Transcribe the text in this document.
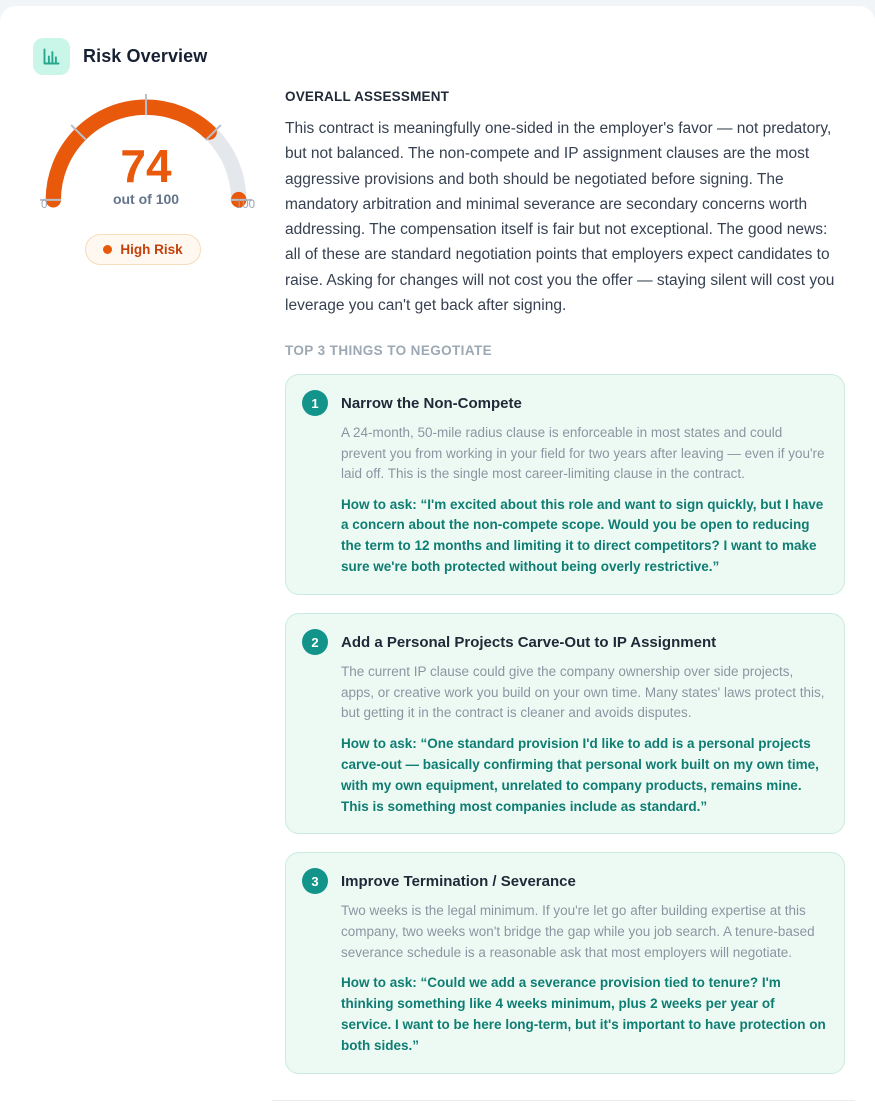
Risk Overview
74
out of 100
0	100
High Risk
OVERALL ASSESSMENT
This contract is meaningfully one-sided in the employer's favor — not predatory, but not balanced. The non-compete and IP assignment clauses are the most aggressive provisions and both should be negotiated before signing. The mandatory arbitration and minimal severance are secondary concerns worth addressing. The compensation itself is fair but not exceptional. The good news: all of these are standard negotiation points that employers expect candidates to raise. Asking for changes will not cost you the offer — staying silent will cost you leverage you can't get back after signing.
TOP 3 THINGS TO NEGOTIATE
1	Narrow the Non-Compete
A 24-month, 50-mile radius clause is enforceable in most states and could prevent you from working in your field for two years after leaving — even if you're laid off. This is the single most career-limiting clause in the contract.
How to ask: “I'm excited about this role and want to sign quickly, but I have a concern about the non-compete scope. Would you be open to reducing the term to 12 months and limiting it to direct competitors? I want to make sure we're both protected without being overly restrictive.”
2	Add a Personal Projects Carve-Out to IP Assignment
The current IP clause could give the company ownership over side projects, apps, or creative work you build on your own time. Many states' laws protect this, but getting it in the contract is cleaner and avoids disputes.
How to ask: “One standard provision I'd like to add is a personal projects carve-out — basically confirming that personal work built on my own time, with my own equipment, unrelated to company products, remains mine. This is something most companies include as standard.”
3	Improve Termination / Severance
Two weeks is the legal minimum. If you're let go after building expertise at this company, two weeks won't bridge the gap while you job search. A tenure-based severance schedule is a reasonable ask that most employers will negotiate.
How to ask: “Could we add a severance provision tied to tenure? I'm thinking something like 4 weeks minimum, plus 2 weeks per year of service. I want to be here long-term, but it's important to have protection on both sides.”
